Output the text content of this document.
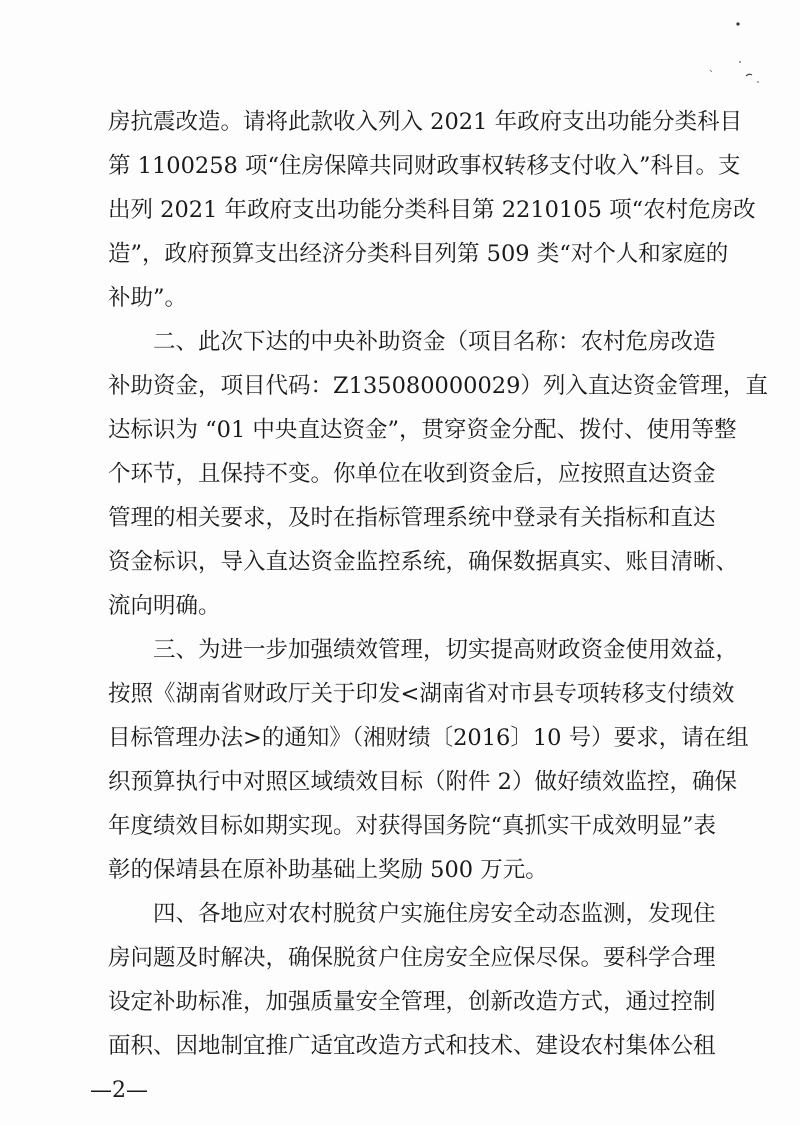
房抗震改造。请将此款收入列入 2021 年政府支出功能分类科目
第 1100258 项“住房保障共同财政事权转移支付收入”科目。支
出列 2021 年政府支出功能分类科目第 2210105 项“农村危房改
造”，政府预算支出经济分类科目列第 509 类“对个人和家庭的
补助”。
　　二、此次下达的中央补助资金（项目名称：农村危房改造
补助资金，项目代码：Z135080000029）列入直达资金管理，直
达标识为 “01 中央直达资金”，贯穿资金分配、拨付、使用等整
个环节，且保持不变。你单位在收到资金后，应按照直达资金
管理的相关要求，及时在指标管理系统中登录有关指标和直达
资金标识，导入直达资金监控系统，确保数据真实、账目清晰、
流向明确。
　　三、为进一步加强绩效管理，切实提高财政资金使用效益，
按照《湖南省财政厅关于印发<湖南省对市县专项转移支付绩效
目标管理办法>的通知》（湘财绩〔2016〕10 号）要求，请在组
织预算执行中对照区域绩效目标（附件 2）做好绩效监控，确保
年度绩效目标如期实现。对获得国务院“真抓实干成效明显”表
彰的保靖县在原补助基础上奖励 500 万元。
　　四、各地应对农村脱贫户实施住房安全动态监测，发现住
房问题及时解决，确保脱贫户住房安全应保尽保。要科学合理
设定补助标准，加强质量安全管理，创新改造方式，通过控制
面积、因地制宜推广适宜改造方式和技术、建设农村集体公租
—2—
